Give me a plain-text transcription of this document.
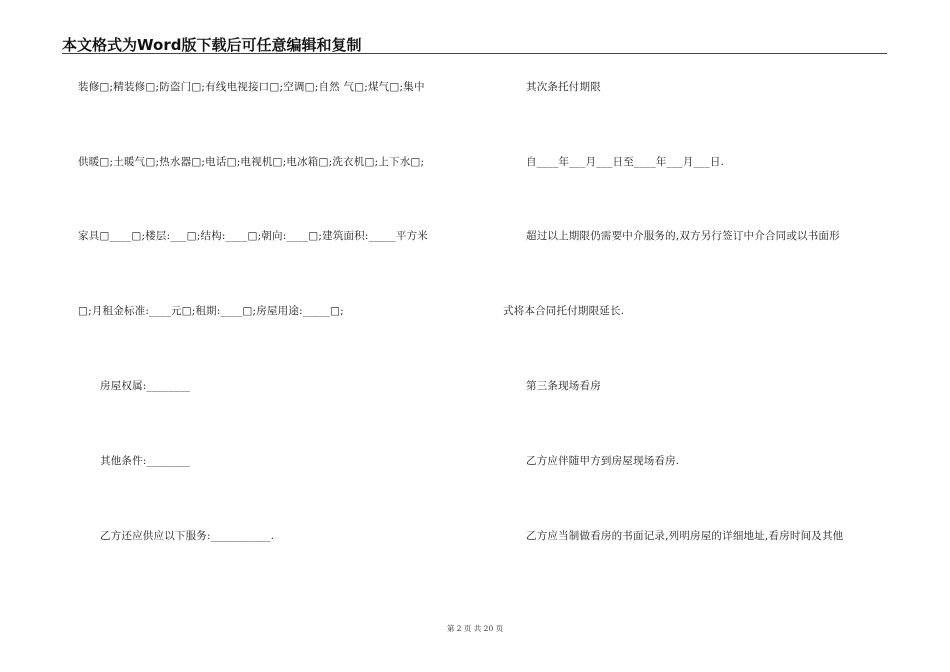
本文格式为Word版下载后可任意编辑和复制
装修□;精装修□;防盗门□;有线电视接口□;空调□;自然 气□;煤气□;集中
供暖□;土暖气□;热水器□;电话□;电视机□;电冰箱□;洗衣机□;上下水□;
家具□____□;楼层:___□;结构:____□;朝向:____□;建筑面积:_____平方米
□;月租金标准:____元□;租期:____□;房屋用途:_____□;
房屋权属:________
其他条件:________
乙方还应供应以下服务:___________.
其次条托付期限
自____年___月___日至____年___月___日.
超过以上期限仍需要中介服务的,双方另行签订中介合同或以书面形
式将本合同托付期限延长.
第三条现场看房
乙方应伴随甲方到房屋现场看房.
乙方应当制做看房的书面记录,列明房屋的详细地址,看房时间及其他
第 2 页 共 20 页
